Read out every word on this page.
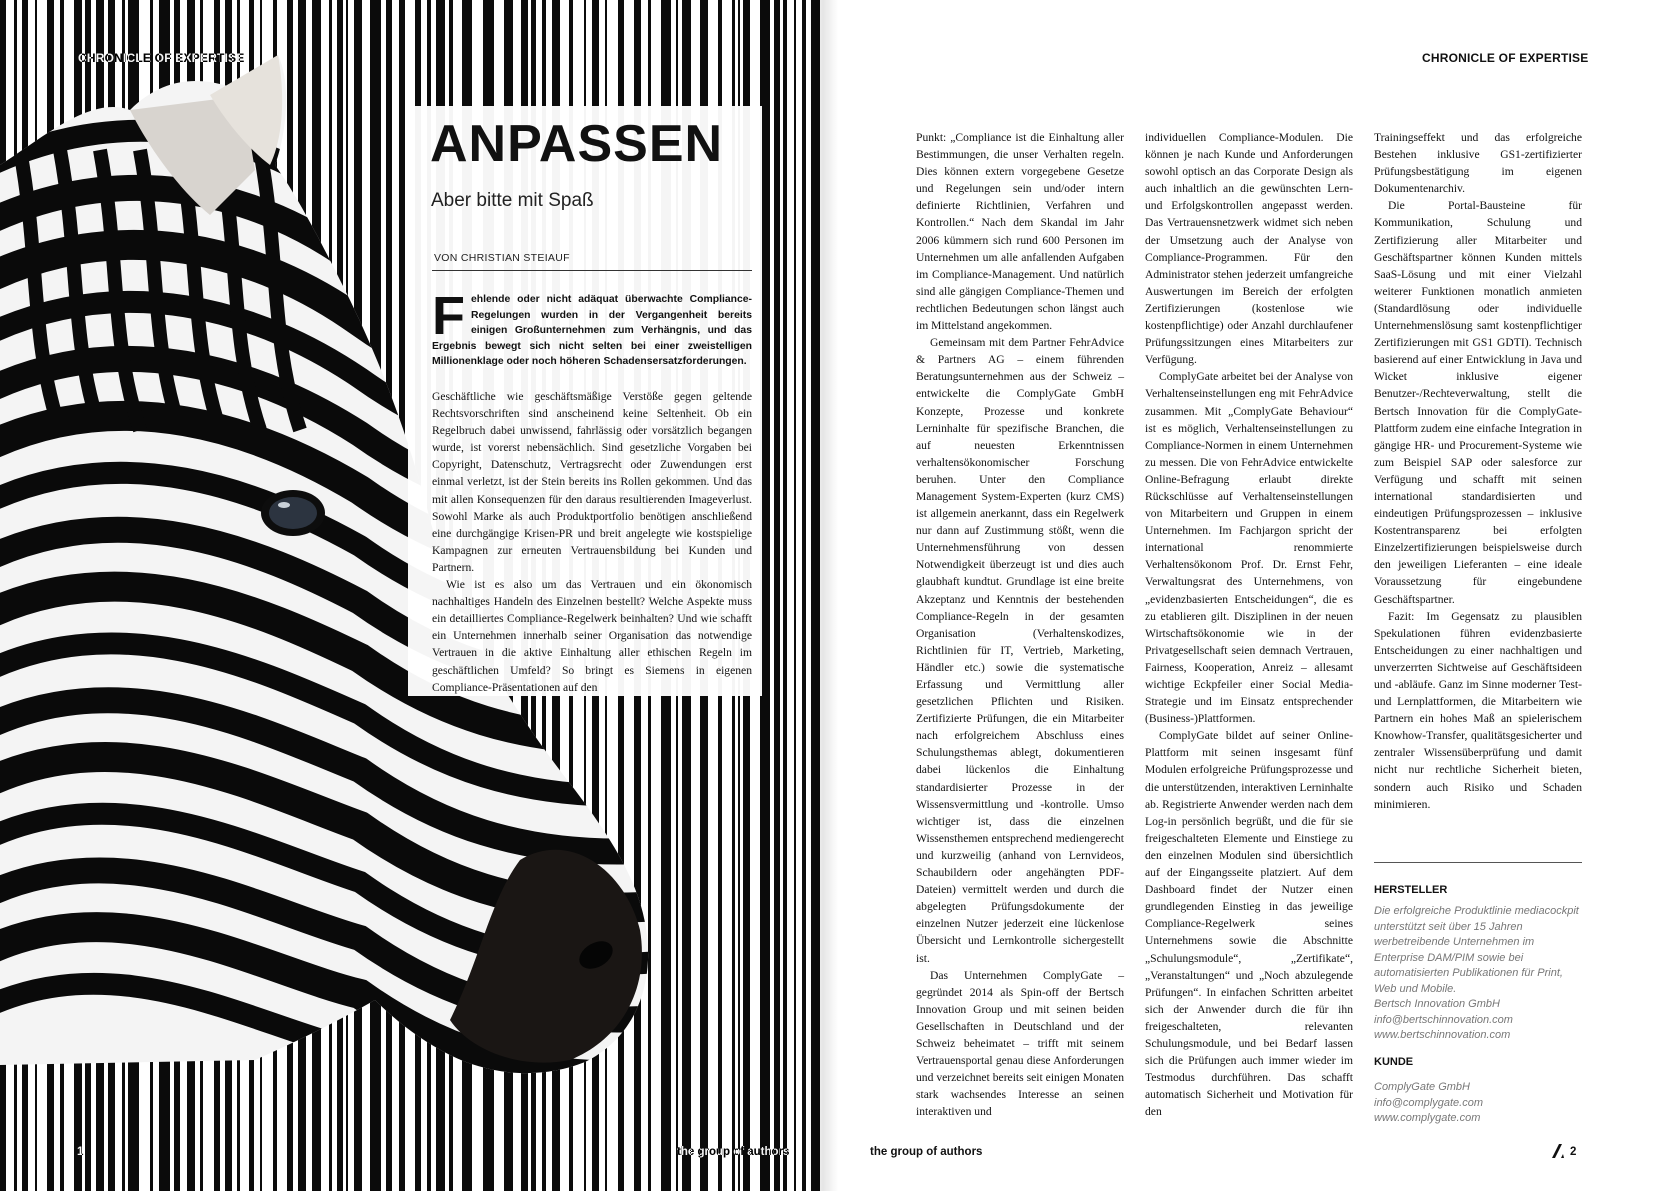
CHRONICLE OF EXPERTISE
ANPASSEN
Aber bitte mit Spaß
VON CHRISTIAN STEIAUF
Fehlende oder nicht adäquat überwachte Compliance-Regelungen wurden in der Vergangenheit bereits einigen Großunternehmen zum Verhängnis, und das Ergebnis bewegt sich nicht selten bei einer zweistelligen Millionenklage oder noch höheren Schadensersatzforderungen.

Geschäftliche wie geschäftsmäßige Verstöße gegen geltende Rechtsvorschriften sind anscheinend keine Seltenheit. Ob ein Regelbruch dabei unwissend, fahrlässig oder vorsätzlich begangen wurde, ist vorerst nebensächlich. Sind gesetzliche Vorgaben bei Copyright, Datenschutz, Vertragsrecht oder Zuwendungen erst einmal verletzt, ist der Stein bereits ins Rollen gekommen. Und das mit allen Konsequenzen für den daraus resultierenden Imageverlust. Sowohl Marke als auch Produktportfolio benötigen anschließend eine durchgängige Krisen-PR und breit angelegte wie kostspielige Kampagnen zur erneuten Vertrauensbildung bei Kunden und Partnern.

Wie ist es also um das Vertrauen und ein ökonomisch nachhaltiges Handeln des Einzelnen bestellt? Welche Aspekte muss ein detailliertes Compliance-Regelwerk beinhalten? Und wie schafft ein Unternehmen innerhalb seiner Organisation das notwendige Vertrauen in die aktive Einhaltung aller ethischen Regeln im geschäftlichen Umfeld? So bringt es Siemens in eigenen Compliance-Präsentationen auf den

1	the group of authors
CHRONICLE OF EXPERTISE

Punkt: „Compliance ist die Einhaltung aller Bestimmungen, die unser Verhalten regeln. Dies können extern vorgegebene Gesetze und Regelungen sein und/oder intern definierte Richtlinien, Verfahren und Kontrollen.“ Nach dem Skandal im Jahr 2006 kümmern sich rund 600 Personen im Unternehmen um alle anfallenden Aufgaben im Compliance-Management. Und natürlich sind alle gängigen Compliance-Themen und rechtlichen Bedeutungen schon längst auch im Mittelstand angekommen.

Gemeinsam mit dem Partner FehrAdvice & Partners AG – einem führenden Beratungsunternehmen aus der Schweiz – entwickelte die ComplyGate GmbH Konzepte, Prozesse und konkrete Lerninhalte für spezifische Branchen, die auf neuesten Erkenntnissen verhaltensökonomischer Forschung beruhen. Unter den Compliance Management System-Experten (kurz CMS) ist allgemein anerkannt, dass ein Regelwerk nur dann auf Zustimmung stößt, wenn die Unternehmensführung von dessen Notwendigkeit überzeugt ist und dies auch glaubhaft kundtut. Grundlage ist eine breite Akzeptanz und Kenntnis der bestehenden Compliance-Regeln in der gesamten Organisation (Verhaltenskodizes, Richtlinien für IT, Vertrieb, Marketing, Händler etc.) sowie die systematische Erfassung und Vermittlung aller gesetzlichen Pflichten und Risiken. Zertifizierte Prüfungen, die ein Mitarbeiter nach erfolgreichem Abschluss eines Schulungsthemas ablegt, dokumentieren dabei lückenlos die Einhaltung standardisierter Prozesse in der Wissensvermittlung und -kontrolle. Umso wichtiger ist, dass die einzelnen Wissensthemen entsprechend mediengerecht und kurzweilig (anhand von Lernvideos, Schaubildern oder angehängten PDF-Dateien) vermittelt werden und durch die abgelegten Prüfungsdokumente der einzelnen Nutzer jederzeit eine lückenlose Übersicht und Lernkontrolle sichergestellt ist.

Das Unternehmen ComplyGate – gegründet 2014 als Spin-off der Bertsch Innovation Group und mit seinen beiden Gesellschaften in Deutschland und der Schweiz beheimatet – trifft mit seinem Vertrauensportal genau diese Anforderungen und verzeichnet bereits seit einigen Monaten stark wachsendes Interesse an seinen interaktiven und

individuellen Compliance-Modulen. Die können je nach Kunde und Anforderungen sowohl optisch an das Corporate Design als auch inhaltlich an die gewünschten Lern- und Erfolgskontrollen angepasst werden. Das Vertrauensnetzwerk widmet sich neben der Umsetzung auch der Analyse von Compliance-Programmen. Für den Administrator stehen jederzeit umfangreiche Auswertungen im Bereich der erfolgten Zertifizierungen (kostenlose wie kostenpflichtige) oder Anzahl durchlaufener Prüfungssitzungen eines Mitarbeiters zur Verfügung.

ComplyGate arbeitet bei der Analyse von Verhaltenseinstellungen eng mit FehrAdvice zusammen. Mit „ComplyGate Behaviour“ ist es möglich, Verhaltenseinstellungen zu Compliance-Normen in einem Unternehmen zu messen. Die von FehrAdvice entwickelte Online-Befragung erlaubt direkte Rückschlüsse auf Verhaltenseinstellungen von Mitarbeitern und Gruppen in einem Unternehmen. Im Fachjargon spricht der international renommierte Verhaltensökonom Prof. Dr. Ernst Fehr, Verwaltungsrat des Unternehmens, von „evidenzbasierten Entscheidungen“, die es zu etablieren gilt. Disziplinen in der neuen Wirtschaftsökonomie wie in der Privatgesellschaft seien demnach Vertrauen, Fairness, Kooperation, Anreiz – allesamt wichtige Eckpfeiler einer Social Media-Strategie und im Einsatz entsprechender (Business-)Plattformen.

ComplyGate bildet auf seiner Online-Plattform mit seinen insgesamt fünf Modulen erfolgreiche Prüfungsprozesse und die unterstützenden, interaktiven Lerninhalte ab. Registrierte Anwender werden nach dem Log-in persönlich begrüßt, und die für sie freigeschalteten Elemente und Einstiege zu den einzelnen Modulen sind übersichtlich auf der Eingangsseite platziert. Auf dem Dashboard findet der Nutzer einen grundlegenden Einstieg in das jeweilige Compliance-Regelwerk seines Unternehmens sowie die Abschnitte „Schulungsmodule“, „Zertifikate“, „Veranstaltungen“ und „Noch abzulegende Prüfungen“. In einfachen Schritten arbeitet sich der Anwender durch die für ihn freigeschalteten, relevanten Schulungsmodule, und bei Bedarf lassen sich die Prüfungen auch immer wieder im Testmodus durchführen. Das schafft automatisch Sicherheit und Motivation für den

Trainingseffekt und das erfolgreiche Bestehen inklusive GS1-zertifizierter Prüfungsbestätigung im eigenen Dokumentenarchiv.

Die Portal-Bausteine für Kommunikation, Schulung und Zertifizierung aller Mitarbeiter und Geschäftspartner können Kunden mittels SaaS-Lösung und mit einer Vielzahl weiterer Funktionen monatlich anmieten (Standardlösung oder individuelle Unternehmenslösung samt kostenpflichtiger Zertifizierungen mit GS1 GDTI). Technisch basierend auf einer Entwicklung in Java und Wicket inklusive eigener Benutzer-/Rechteverwaltung, stellt die Bertsch Innovation für die ComplyGate-Plattform zudem eine einfache Integration in gängige HR- und Procurement-Systeme wie zum Beispiel SAP oder salesforce zur Verfügung und schafft mit seinen international standardisierten und eindeutigen Prüfungsprozessen – inklusive Kostentransparenz bei erfolgten Einzelzertifizierungen beispielsweise durch den jeweiligen Lieferanten – eine ideale Voraussetzung für eingebundene Geschäftspartner.

Fazit: Im Gegensatz zu plausiblen Spekulationen führen evidenzbasierte Entscheidungen zu einer nachhaltigen und unverzerrten Sichtweise auf Geschäftsideen und -abläufe. Ganz im Sinne moderner Test- und Lernplattformen, die Mitarbeitern wie Partnern ein hohes Maß an spielerischem Knowhow-Transfer, qualitätsgesicherter und zentraler Wissensüberprüfung und damit nicht nur rechtliche Sicherheit bieten, sondern auch Risiko und Schaden minimieren.

HERSTELLER
Die erfolgreiche Produktlinie mediacockpit unterstützt seit über 15 Jahren werbetreibende Unternehmen im Enterprise DAM/PIM sowie bei automatisierten Publikationen für Print, Web und Mobile.
Bertsch Innovation GmbH
info@bertschinnovation.com
www.bertschinnovation.com
KUNDE
ComplyGate GmbH
info@complygate.com
www.complygate.com
the group of authors	2
